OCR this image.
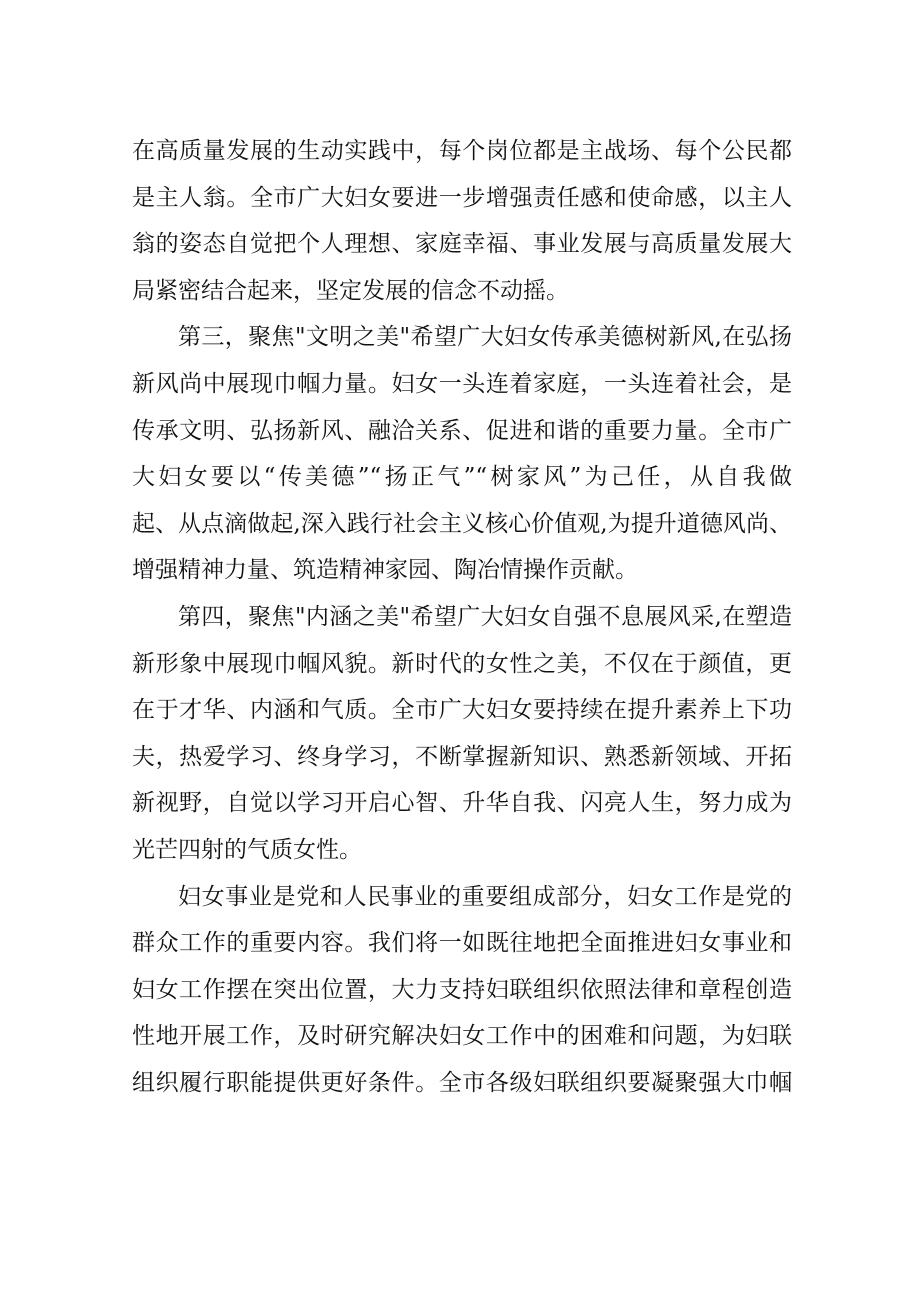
在高质量发展的生动实践中，每个岗位都是主战场、每个公民都
是主人翁。全市广大妇女要进一步增强责任感和使命感，以主人
翁的姿态自觉把个人理想、家庭幸福、事业发展与高质量发展大
局紧密结合起来，坚定发展的信念不动摇。

第三，聚焦"文明之美"希望广大妇女传承美德树新风,在弘扬
新风尚中展现巾帼力量。妇女一头连着家庭，一头连着社会，是
传承文明、弘扬新风、融洽关系、促进和谐的重要力量。全市广
大妇女要以“传美德”“扬正气”“树家风”为己任，从自我做
起、从点滴做起,深入践行社会主义核心价值观,为提升道德风尚、
增强精神力量、筑造精神家园、陶冶情操作贡献。

第四，聚焦"内涵之美"希望广大妇女自强不息展风采,在塑造
新形象中展现巾帼风貌。新时代的女性之美，不仅在于颜值，更
在于才华、内涵和气质。全市广大妇女要持续在提升素养上下功
夫，热爱学习、终身学习，不断掌握新知识、熟悉新领域、开拓
新视野，自觉以学习开启心智、升华自我、闪亮人生，努力成为
光芒四射的气质女性。

妇女事业是党和人民事业的重要组成部分，妇女工作是党的
群众工作的重要内容。我们将一如既往地把全面推进妇女事业和
妇女工作摆在突出位置，大力支持妇联组织依照法律和章程创造
性地开展工作，及时研究解决妇女工作中的困难和问题，为妇联
组织履行职能提供更好条件。全市各级妇联组织要凝聚强大巾帼
